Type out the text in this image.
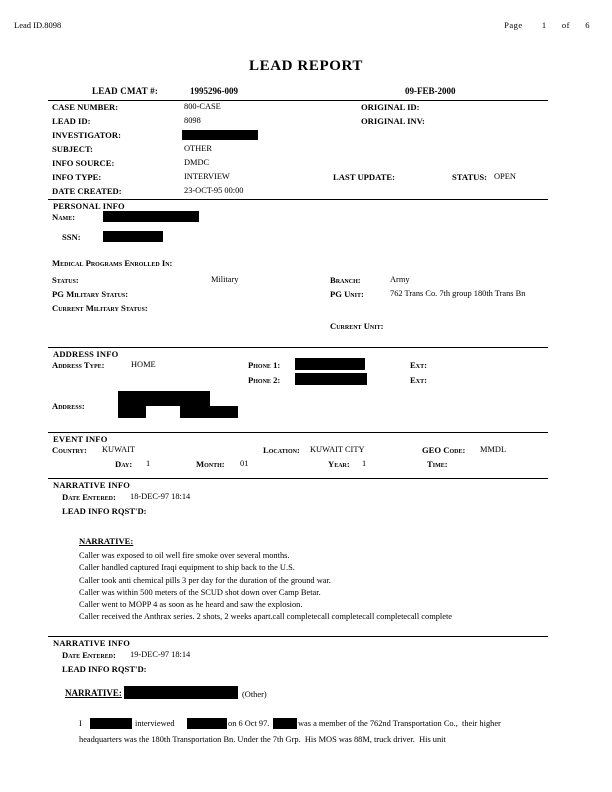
Lead ID.8098	Page 1 of 6
LEAD REPORT
LEAD CMAT #:	1995296-009	09-FEB-2000
CASE NUMBER:	800-CASE	ORIGINAL ID:
LEAD ID:	8098	ORIGINAL INV:
INVESTIGATOR:
SUBJECT:	OTHER
INFO SOURCE:	DMDC
INFO TYPE:	INTERVIEW	LAST UPDATE:	STATUS: OPEN
DATE CREATED:	23-OCT-95 00:00
PERSONAL INFO
Name:
SSN:
Medical Programs Enrolled In:
Status:	Military	Branch:	Army
PG Military Status:	PG Unit:	762 Trans Co. 7th group 180th Trans Bn
Current Military Status:
Current Unit:
ADDRESS INFO
Address Type:	HOME	Phone 1:	Ext:
Phone 2:	Ext:
Address:
EVENT INFO
Country: KUWAIT	Location: KUWAIT CITY	GEO Code: MMDL
Day: 1	Month: 01	Year: 1	Time:
NARRATIVE INFO
Date Entered: 18-DEC-97 18:14
LEAD INFO RQST'D:
NARRATIVE:
Caller was exposed to oil well fire smoke over several months.
Caller handled captured Iraqi equipment to ship back to the U.S.
Caller took anti chemical pills 3 per day for the duration of the ground war.
Caller was within 500 meters of the SCUD shot down over Camp Betar.
Caller went to MOPP 4 as soon as he heard and saw the explosion.
Caller received the Anthrax series. 2 shots, 2 weeks apart.call completecall completecall completecall complete
NARRATIVE INFO
Date Entered: 19-DEC-97 18:14
LEAD INFO RQST'D:
NARRATIVE:	(Other)
I	interviewed	on 6 Oct 97.	was a member of the 762nd Transportation Co.,  their higher
headquarters was the 180th Transportation Bn. Under the 7th Grp.  His MOS was 88M, truck driver.  His unit
